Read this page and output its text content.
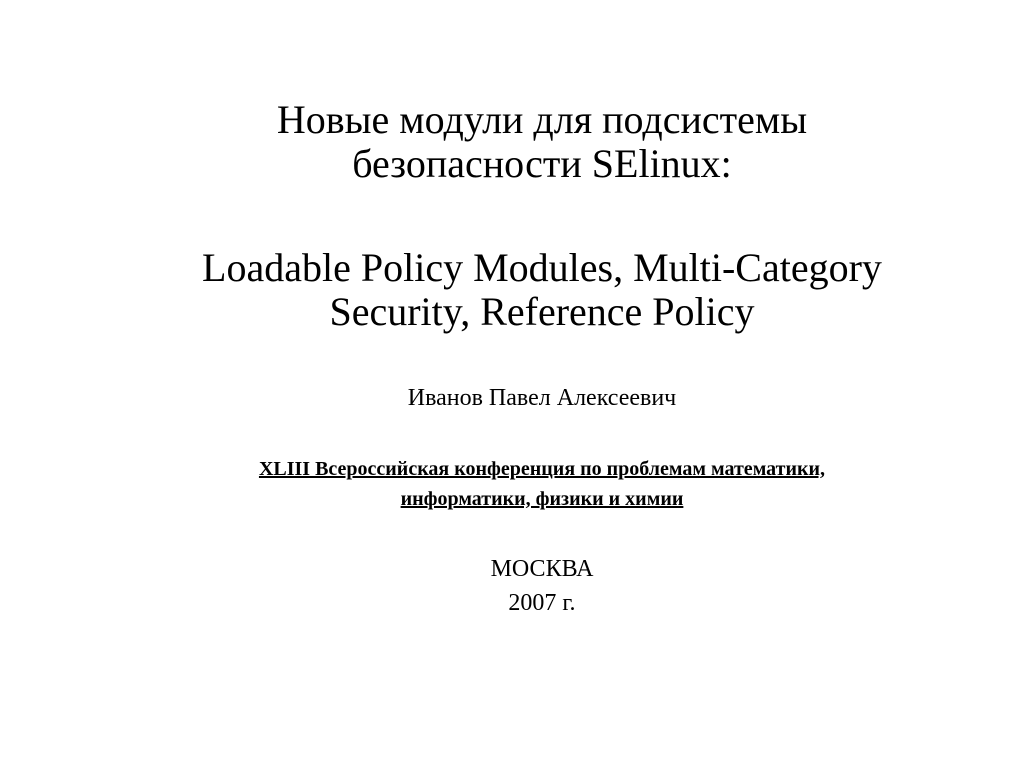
Новые модули для подсистемы
безопасности SElinux:
Loadable Policy Modules, Multi-Category
Security, Reference Policy

Иванов Павел Алексеевич

XLIII Всероссийская конференция по проблемам математики,
информатики, физики и химии

МОСКВА

2007 г.
